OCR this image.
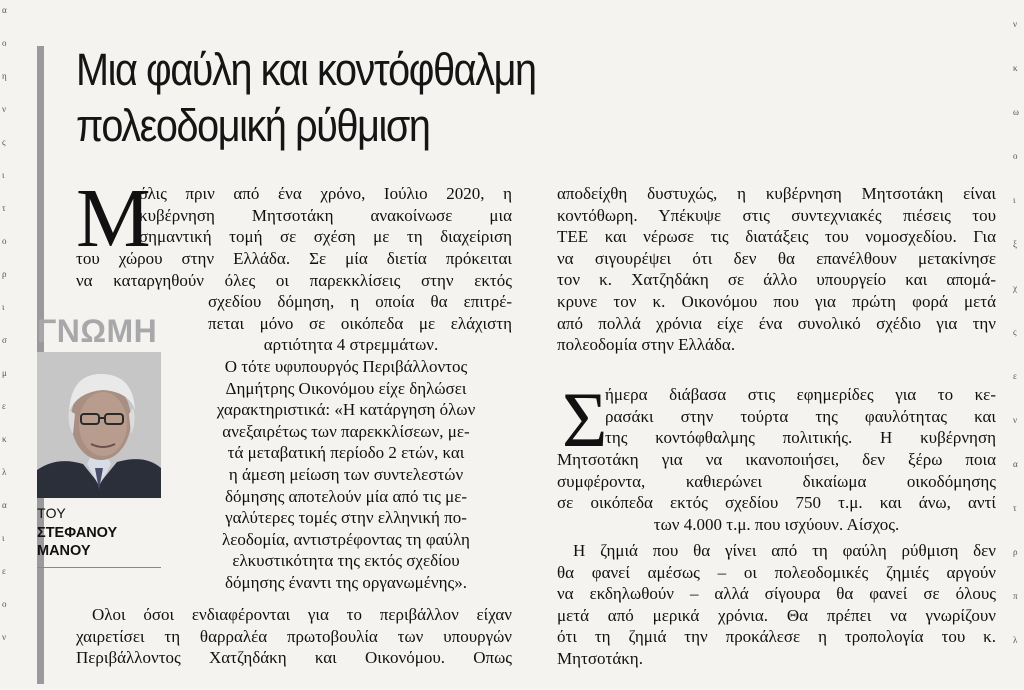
α
ο
η
ν
ς
ι
τ
ο
ρ
ι
σ
μ
ε
κ
λ
α
ι
ε
ο
ν
ν
κ
ω
ο
ι
ξ
χ
ς
ε
ν
α
τ
ρ
π
λ
Μια φαύλη και κοντόφθαλμη
πολεοδομική ρύθμιση
Μ
όλις πριν από ένα χρόνο, Ιούλιο 2020, η
κυβέρνηση Μητσοτάκη ανακοίνωσε μια
σημαντική τομή σε σχέση με τη διαχείριση
του χώρου στην Ελλάδα. Σε μία διετία πρόκειται
να καταργηθούν όλες οι παρεκκλίσεις στην εκτός
σχεδίου δόμηση, η οποία θα επιτρέ-
πεται μόνο σε οικόπεδα με ελάχιστη
αρτιότητα 4 στρεμμάτων.
Ο τότε υφυπουργός Περιβάλλοντος
Δημήτρης Οικονόμου είχε δηλώσει
χαρακτηριστικά: «Η κατάργηση όλων
ανεξαιρέτως των παρεκκλίσεων, με-
τά μεταβατική περίοδο 2 ετών, και
η άμεση μείωση των συντελεστών
δόμησης αποτελούν μία από τις με-
γαλύτερες τομές στην ελληνική πο-
λεοδομία, αντιστρέφοντας τη φαύλη
ελκυστικότητα της εκτός σχεδίου
δόμησης έναντι της οργανωμένης».
Ολοι όσοι ενδιαφέρονται για το περιβάλλον είχαν
χαιρετίσει τη θαρραλέα πρωτοβουλία των υπουργών
Περιβάλλοντος Χατζηδάκη και Οικονόμου. Οπως
ΓΝΩΜΗ
ΤΟΥ
ΣΤΕΦΑΝΟΥ
ΜΑΝΟΥ
αποδείχθη δυστυχώς, η κυβέρνηση Μητσοτάκη είναι
κοντόθωρη. Υπέκυψε στις συντεχνιακές πιέσεις του
ΤΕΕ και νέρωσε τις διατάξεις του νομοσχεδίου. Για
να σιγουρέψει ότι δεν θα επανέλθουν μετακίνησε
τον κ. Χατζηδάκη σε άλλο υπουργείο και απομά-
κρυνε τον κ. Οικονόμου που για πρώτη φορά μετά
από πολλά χρόνια είχε ένα συνολικό σχέδιο για την
πολεοδομία στην Ελλάδα.
Σ
ήμερα διάβασα στις εφημερίδες για το κε-
ρασάκι στην τούρτα της φαυλότητας και
της κοντόφθαλμης πολιτικής. Η κυβέρνηση
Μητσοτάκη για να ικανοποιήσει, δεν ξέρω ποια
συμφέροντα, καθιερώνει δικαίωμα οικοδόμησης
σε οικόπεδα εκτός σχεδίου 750 τ.μ. και άνω, αντί
των 4.000 τ.μ. που ισχύουν. Αίσχος.
Η ζημιά που θα γίνει από τη φαύλη ρύθμιση δεν
θα φανεί αμέσως – οι πολεοδομικές ζημιές αργούν
να εκδηλωθούν – αλλά σίγουρα θα φανεί σε όλους
μετά από μερικά χρόνια. Θα πρέπει να γνωρίζουν
ότι τη ζημιά την προκάλεσε η τροπολογία του κ.
Μητσοτάκη.
